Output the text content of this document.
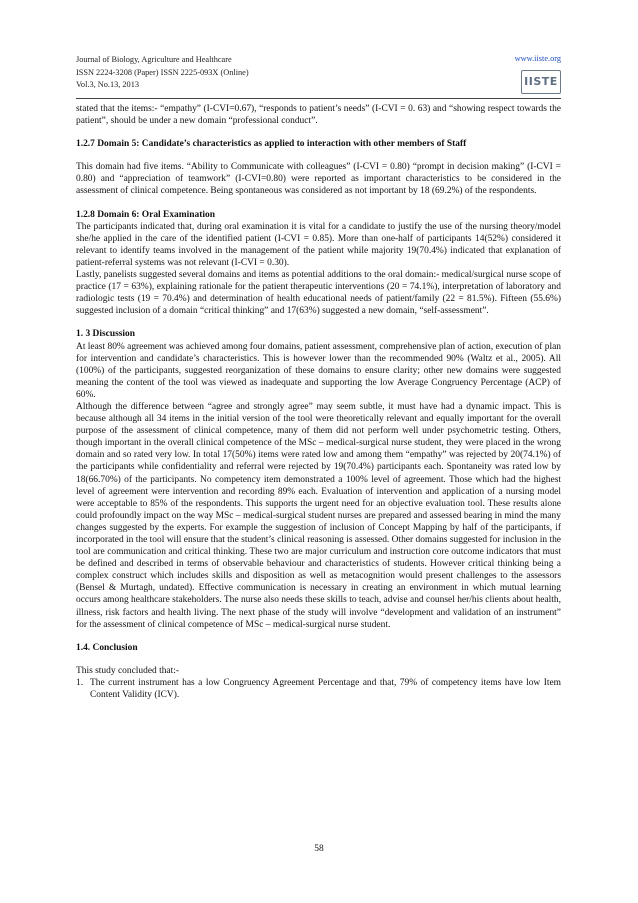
Journal of Biology, Agriculture and Healthcare
ISSN 2224-3208 (Paper) ISSN 2225-093X (Online)
Vol.3, No.13, 2013
www.iiste.org
IISTE

stated that the items:- “empathy” (I-CVI=0.67), “responds to patient’s needs” (I-CVI = 0. 63) and “showing respect towards the patient”, should be under a new domain “professional conduct”.

1.2.7 Domain 5: Candidate’s characteristics as applied to interaction with other members of Staff

This domain had five items. “Ability to Communicate with colleagues” (I-CVI = 0.80) “prompt in decision making” (I-CVI = 0.80) and “appreciation of teamwork” (I-CVI=0.80) were reported as important characteristics to be considered in the assessment of clinical competence. Being spontaneous was considered as not important by 18 (69.2%) of the respondents.

1.2.8 Domain 6: Oral Examination

The participants indicated that, during oral examination it is vital for a candidate to justify the use of the nursing theory/model she/he applied in the care of the identified patient (I-CVI = 0.85). More than one-half of participants 14(52%) considered it relevant to identify teams involved in the management of the patient while majority 19(70.4%) indicated that explanation of patient-referral systems was not relevant (I-CVI = 0.30).

Lastly, panelists suggested several domains and items as potential additions to the oral domain:- medical/surgical nurse scope of practice (17 = 63%), explaining rationale for the patient therapeutic interventions (20 = 74.1%), interpretation of laboratory and radiologic tests (19 = 70.4%) and determination of health educational needs of patient/family (22 = 81.5%). Fifteen (55.6%) suggested inclusion of a domain “critical thinking” and 17(63%) suggested a new domain, “self-assessment”.

1. 3 Discussion

At least 80% agreement was achieved among four domains, patient assessment, comprehensive plan of action, execution of plan for intervention and candidate’s characteristics. This is however lower than the recommended 90% (Waltz et al., 2005). All (100%) of the participants, suggested reorganization of these domains to ensure clarity; other new domains were suggested meaning the content of the tool was viewed as inadequate and supporting the low Average Congruency Percentage (ACP) of 60%.

Although the difference between “agree and strongly agree” may seem subtle, it must have had a dynamic impact. This is because although all 34 items in the initial version of the tool were theoretically relevant and equally important for the overall purpose of the assessment of clinical competence, many of them did not perform well under psychometric testing. Others, though important in the overall clinical competence of the MSc – medical-surgical nurse student, they were placed in the wrong domain and so rated very low. In total 17(50%) items were rated low and among them “empathy” was rejected by 20(74.1%) of the participants while confidentiality and referral were rejected by 19(70.4%) participants each. Spontaneity was rated low by 18(66.70%) of the participants. No competency item demonstrated a 100% level of agreement. Those which had the highest level of agreement were intervention and recording 89% each. Evaluation of intervention and application of a nursing model were acceptable to 85% of the respondents. This supports the urgent need for an objective evaluation tool. These results alone could profoundly impact on the way MSc – medical-surgical student nurses are prepared and assessed bearing in mind the many changes suggested by the experts. For example the suggestion of inclusion of Concept Mapping by half of the participants, if incorporated in the tool will ensure that the student’s clinical reasoning is assessed. Other domains suggested for inclusion in the tool are communication and critical thinking. These two are major curriculum and instruction core outcome indicators that must be defined and described in terms of observable behaviour and characteristics of students. However critical thinking being a complex construct which includes skills and disposition as well as metacognition would present challenges to the assessors (Bensel & Murtagh, undated). Effective communication is necessary in creating an environment in which mutual learning occurs among healthcare stakeholders. The nurse also needs these skills to teach, advise and counsel her/his clients about health, illness, risk factors and health living. The next phase of the study will involve “development and validation of an instrument” for the assessment of clinical competence of MSc – medical-surgical nurse student.

1.4. Conclusion

This study concluded that:-

1. The current instrument has a low Congruency Agreement Percentage and that, 79% of competency items have low Item Content Validity (ICV).
58
